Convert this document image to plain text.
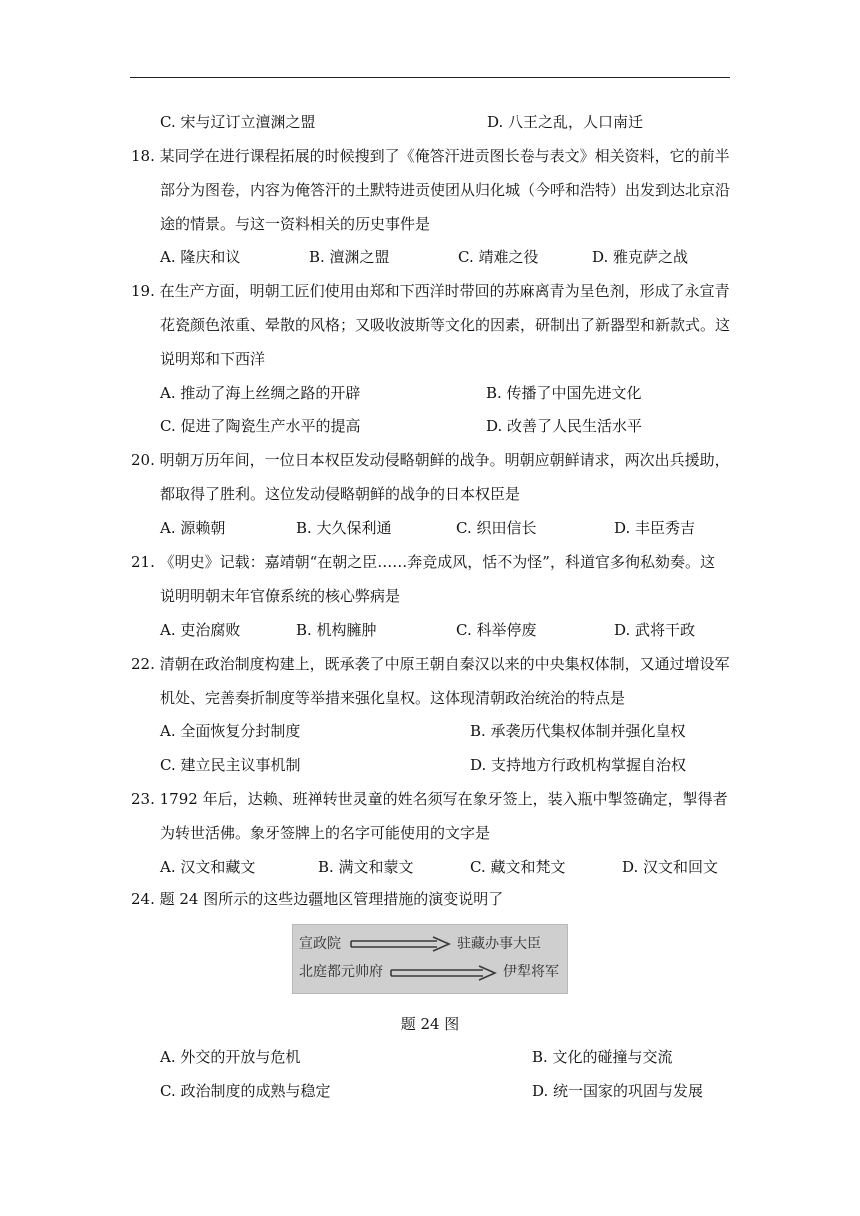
C. 宋与辽订立澶渊之盟	D. 八王之乱，人口南迁
18. 某同学在进行课程拓展的时候搜到了《俺答汗进贡图长卷与表文》相关资料，它的前半
部分为图卷，内容为俺答汗的土默特进贡使团从归化城（今呼和浩特）出发到达北京沿
途的情景。与这一资料相关的历史事件是
A. 隆庆和议	B. 澶渊之盟	C. 靖难之役	D. 雅克萨之战
19. 在生产方面，明朝工匠们使用由郑和下西洋时带回的苏麻离青为呈色剂，形成了永宣青
花瓷颜色浓重、晕散的风格；又吸收波斯等文化的因素，研制出了新器型和新款式。这
说明郑和下西洋
A. 推动了海上丝绸之路的开辟	B. 传播了中国先进文化
C. 促进了陶瓷生产水平的提高	D. 改善了人民生活水平
20. 明朝万历年间，一位日本权臣发动侵略朝鲜的战争。明朝应朝鲜请求，两次出兵援助，
都取得了胜利。这位发动侵略朝鲜的战争的日本权臣是
A. 源赖朝	B. 大久保利通	C. 织田信长	D. 丰臣秀吉
21. 《明史》记载：嘉靖朝“在朝之臣……奔竞成风，恬不为怪”，科道官多徇私劾奏。这
说明明朝末年官僚系统的核心弊病是
A. 吏治腐败	B. 机构臃肿	C. 科举停废	D. 武将干政
22. 清朝在政治制度构建上，既承袭了中原王朝自秦汉以来的中央集权体制，又通过增设军
机处、完善奏折制度等举措来强化皇权。这体现清朝政治统治的特点是
A. 全面恢复分封制度	B. 承袭历代集权体制并强化皇权
C. 建立民主议事机制	D. 支持地方行政机构掌握自治权
23. 1792 年后，达赖、班禅转世灵童的姓名须写在象牙签上，装入瓶中掣签确定，掣得者
为转世活佛。象牙签牌上的名字可能使用的文字是
A. 汉文和藏文	B. 满文和蒙文	C. 藏文和梵文	D. 汉文和回文
24. 题 24 图所示的这些边疆地区管理措施的演变说明了
宣政院	驻藏办事大臣
北庭都元帅府	伊犁将军
题 24 图
A. 外交的开放与危机	B. 文化的碰撞与交流
C. 政治制度的成熟与稳定	D. 统一国家的巩固与发展
